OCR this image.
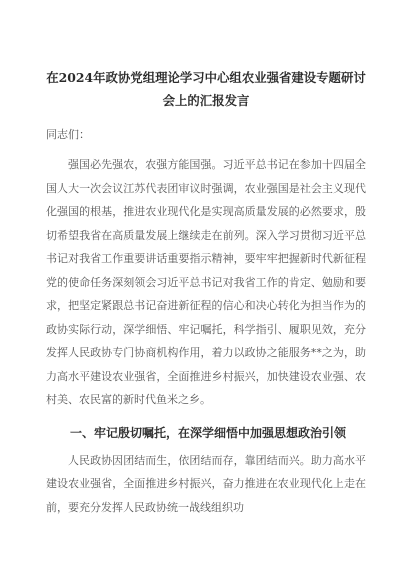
在2024年政协党组理论学习中心组农业强省建设专题研讨
会上的汇报发言
同志们：

强国必先强农，农强方能国强。习近平总书记在参加十四届全国人大一次会议江苏代表团审议时强调，农业强国是社会主义现代化强国的根基，推进农业现代化是实现高质量发展的必然要求，殷切希望我省在高质量发展上继续走在前列。深入学习贯彻习近平总书记对我省工作重要讲话重要指示精神，要牢牢把握新时代新征程党的使命任务深刻领会习近平总书记对我省工作的肯定、勉励和要求，把坚定紧跟总书记奋进新征程的信心和决心转化为担当作为的政协实际行动，深学细悟、牢记嘱托，科学指引、履职见效，充分发挥人民政协专门协商机构作用，着力以政协之能服务**之为，助力高水平建设农业强省，全面推进乡村振兴，加快建设农业强、农村美、农民富的新时代鱼米之乡。

一、牢记殷切嘱托，在深学细悟中加强思想政治引领

人民政协因团结而生，依团结而存，靠团结而兴。助力高水平建设农业强省，全面推进乡村振兴，奋力推进在农业现代化上走在前，要充分发挥人民政协统一战线组织功
